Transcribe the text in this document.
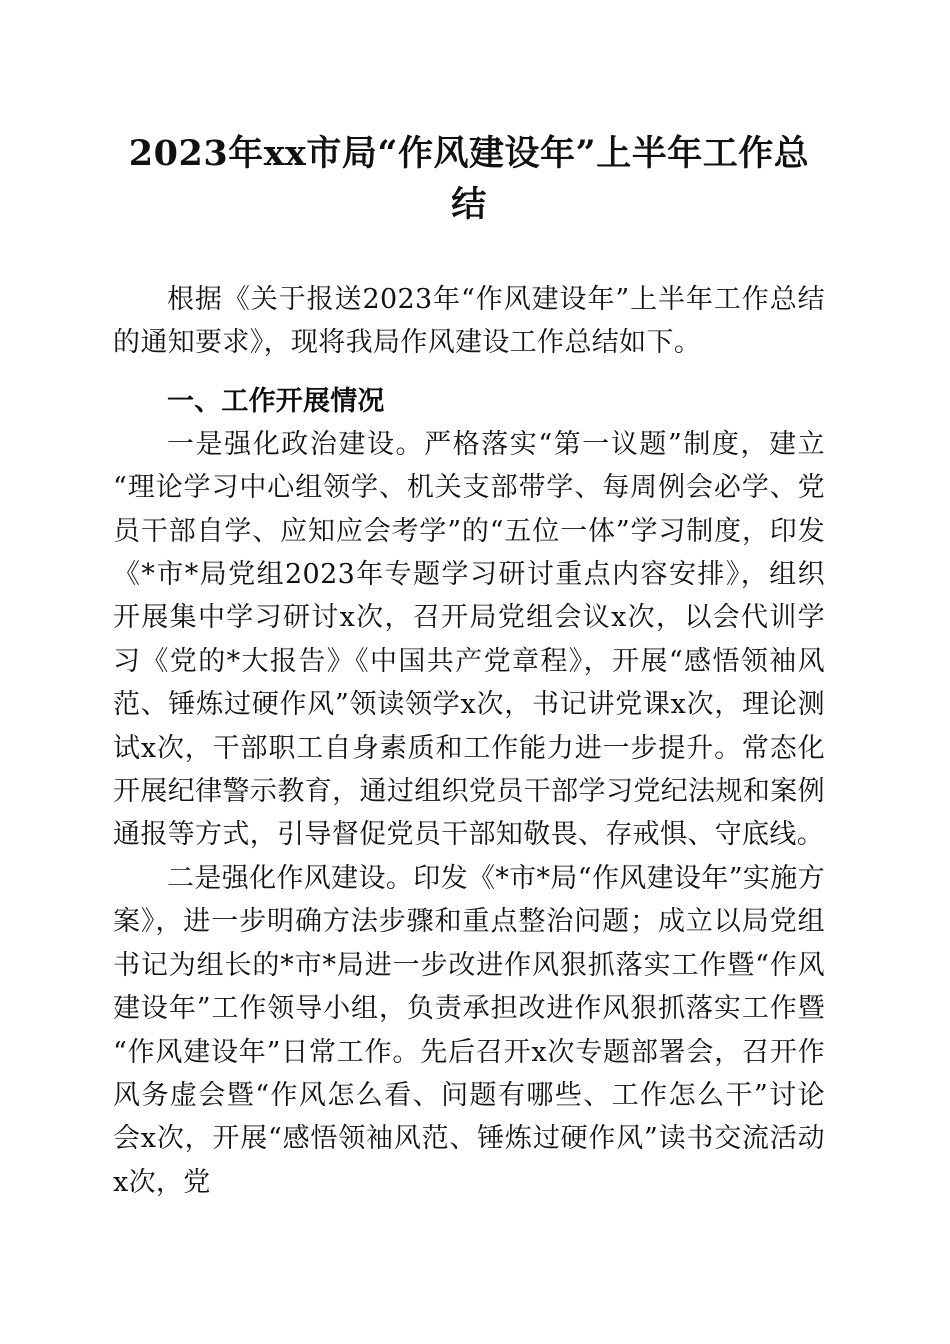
2023年xx市局“作风建设年”上半年工作总结

根据《关于报送2023年“作风建设年”上半年工作总结的通知要求》，现将我局作风建设工作总结如下。

一、工作开展情况

一是强化政治建设。严格落实“第一议题”制度，建立“理论学习中心组领学、机关支部带学、每周例会必学、党员干部自学、应知应会考学”的“五位一体”学习制度，印发《*市*局党组2023年专题学习研讨重点内容安排》，组织开展集中学习研讨x次，召开局党组会议x次，以会代训学习《党的*大报告》《中国共产党章程》，开展“感悟领袖风范、锤炼过硬作风”领读领学x次，书记讲党课x次，理论测试x次，干部职工自身素质和工作能力进一步提升。常态化开展纪律警示教育，通过组织党员干部学习党纪法规和案例通报等方式，引导督促党员干部知敬畏、存戒惧、守底线。

二是强化作风建设。印发《*市*局“作风建设年”实施方案》，进一步明确方法步骤和重点整治问题；成立以局党组书记为组长的*市*局进一步改进作风狠抓落实工作暨“作风建设年”工作领导小组，负责承担改进作风狠抓落实工作暨“作风建设年”日常工作。先后召开x次专题部署会，召开作风务虚会暨“作风怎么看、问题有哪些、工作怎么干”讨论会x次，开展“感悟领袖风范、锤炼过硬作风”读书交流活动x次，党
